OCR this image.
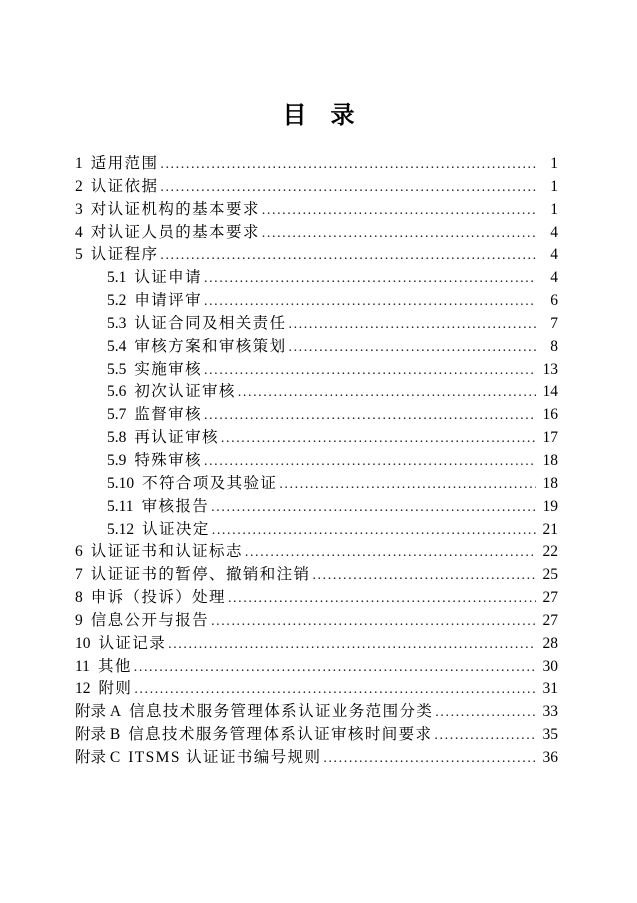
目　录
1 适用范围 .....	1
2 认证依据 .....	1
3 对认证机构的基本要求 .....	1
4 对认证人员的基本要求 .....	4
5 认证程序 .....	4
5.1 认证申请 .....	4
5.2 申请评审 .....	6
5.3 认证合同及相关责任 .....	7
5.4 审核方案和审核策划 .....	8
5.5 实施审核 .....	13
5.6 初次认证审核 .....	14
5.7 监督审核 .....	16
5.8 再认证审核 .....	17
5.9 特殊审核 .....	18
5.10 不符合项及其验证 .....	18
5.11 审核报告 .....	19
5.12 认证决定 .....	21
6 认证证书和认证标志 .....	22
7 认证证书的暂停、撤销和注销 .....	25
8 申诉（投诉）处理 .....	27
9 信息公开与报告 .....	27
10 认证记录 .....	28
11 其他 .....	30
12 附则 .....	31
附录 A 信息技术服务管理体系认证业务范围分类 .....	33
附录 B 信息技术服务管理体系认证审核时间要求 .....	35
附录 C ITSMS 认证证书编号规则 .....	36
